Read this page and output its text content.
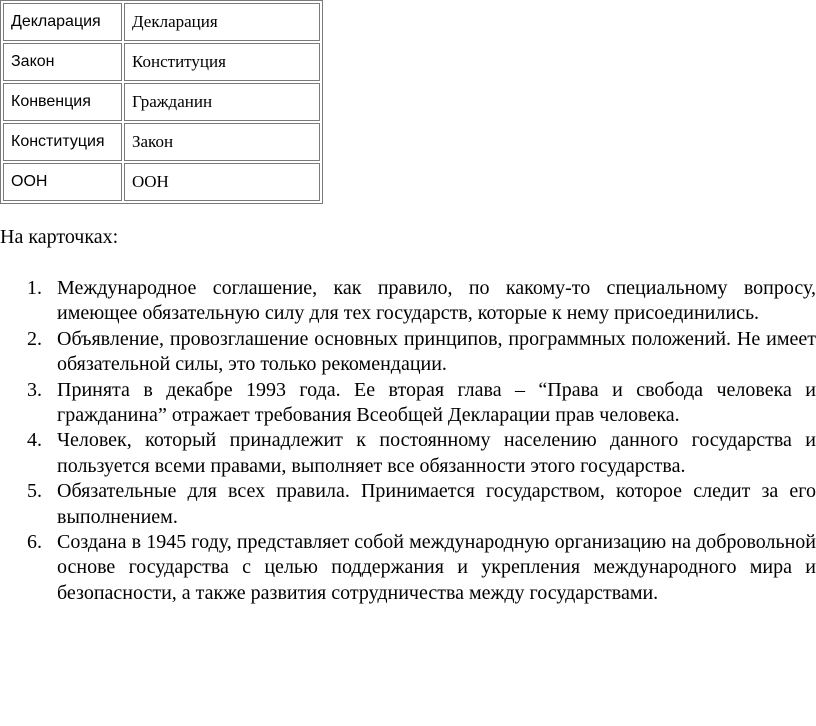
Декларация	Декларация
Закон	Конституция
Конвенция	Гражданин
Конституция	Закон
ООН	ООН

На карточках:

1. Международное соглашение, как правило, по какому-то специальному вопросу, имеющее обязательную силу для тех государств, которые к нему присоединились.
2. Объявление, провозглашение основных принципов, программных положений. Не имеет обязательной силы, это только рекомендации.
3. Принята в декабре 1993 года. Ее вторая глава – “Права и свобода человека и гражданина” отражает требования Всеобщей Декларации прав человека.
4. Человек, который принадлежит к постоянному населению данного государства и пользуется всеми правами, выполняет все обязанности этого государства.
5. Обязательные для всех правила. Принимается государством, которое следит за его выполнением.
6. Создана в 1945 году, представляет собой международную организацию на добровольной основе государства с целью поддержания и укрепления международного мира и безопасности, а также развития сотрудничества между государствами.
